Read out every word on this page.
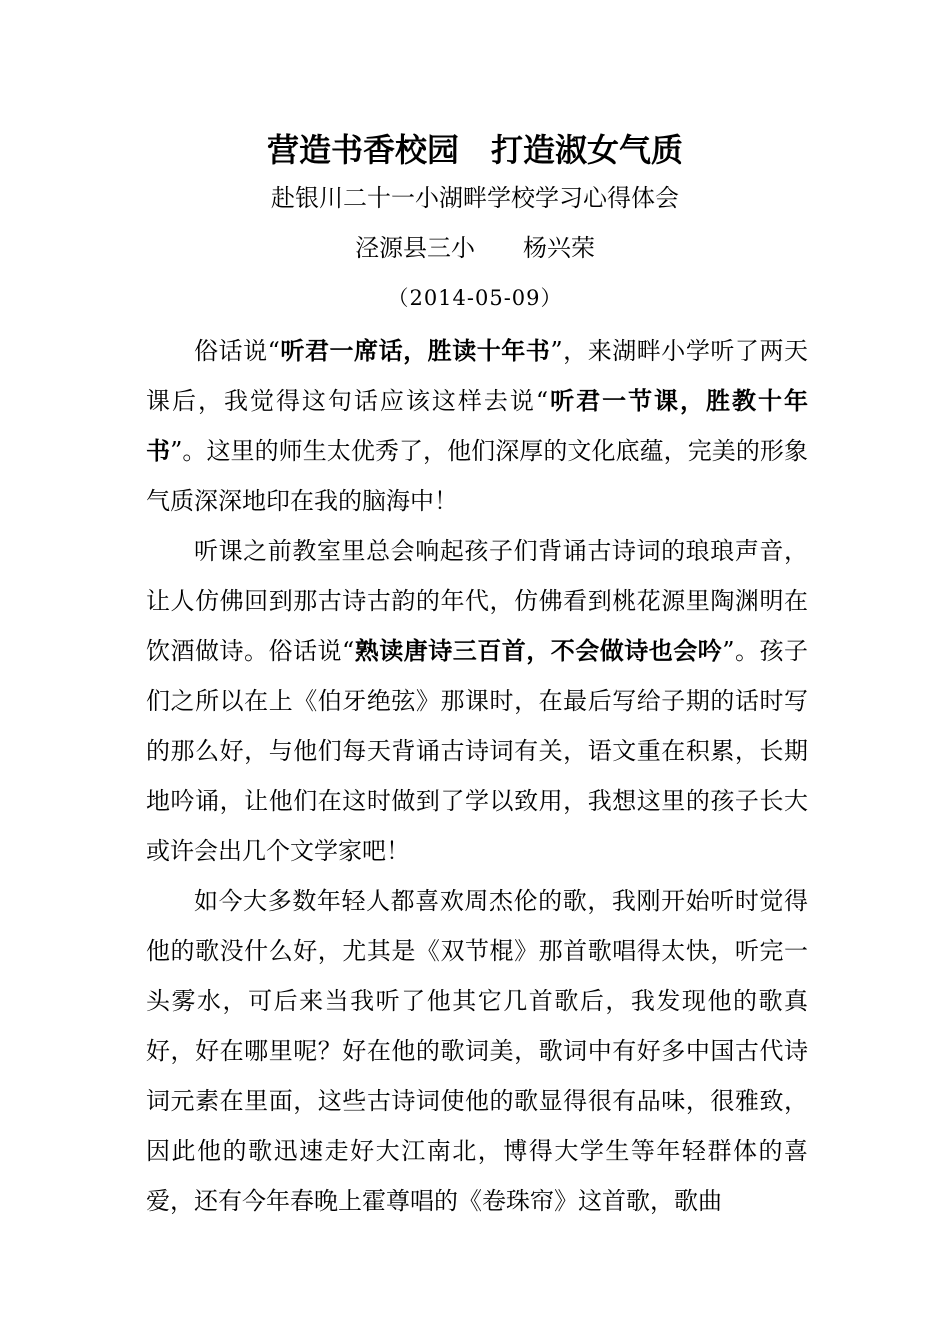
营造书香校园　打造淑女气质
赴银川二十一小湖畔学校学习心得体会
泾源县三小　　杨兴荣
（2014-05-09）

俗话说“听君一席话，胜读十年书”，来湖畔小学听了两天课后，我觉得这句话应该这样去说“听君一节课，胜教十年书”。这里的师生太优秀了，他们深厚的文化底蕴，完美的形象气质深深地印在我的脑海中！

听课之前教室里总会响起孩子们背诵古诗词的琅琅声音，让人仿佛回到那古诗古韵的年代，仿佛看到桃花源里陶渊明在饮酒做诗。俗话说“熟读唐诗三百首，不会做诗也会吟”。孩子们之所以在上《伯牙绝弦》那课时，在最后写给子期的话时写的那么好，与他们每天背诵古诗词有关，语文重在积累，长期地吟诵，让他们在这时做到了学以致用，我想这里的孩子长大或许会出几个文学家吧！

如今大多数年轻人都喜欢周杰伦的歌，我刚开始听时觉得他的歌没什么好，尤其是《双节棍》那首歌唱得太快，听完一头雾水，可后来当我听了他其它几首歌后，我发现他的歌真好，好在哪里呢？好在他的歌词美，歌词中有好多中国古代诗词元素在里面，这些古诗词使他的歌显得很有品味，很雅致，因此他的歌迅速走好大江南北，博得大学生等年轻群体的喜爱，还有今年春晚上霍尊唱的《卷珠帘》这首歌，歌曲
